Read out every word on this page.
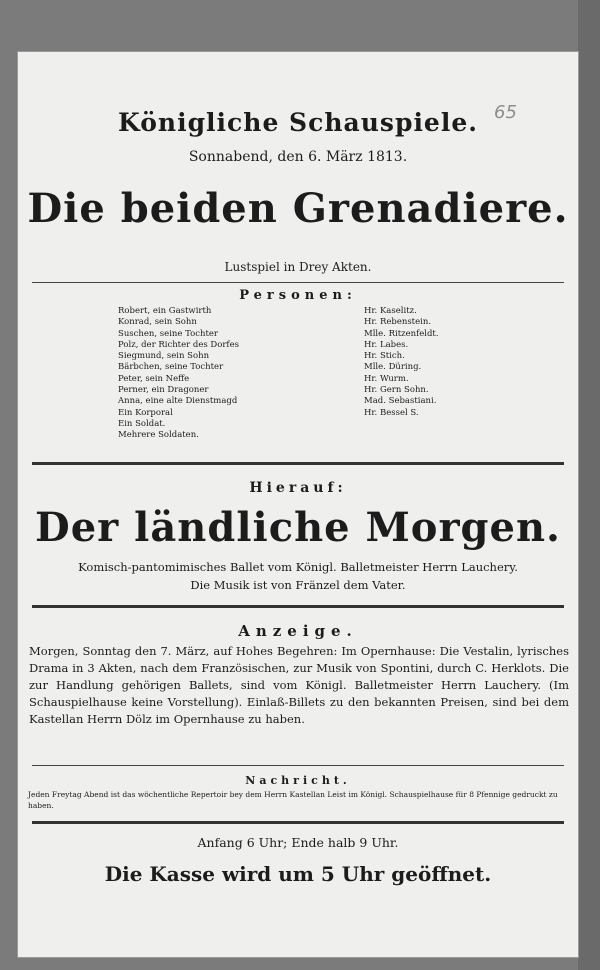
Königliche Schauspiele. 65
Sonnabend, den 6. März 1813.
Die beiden Grenadiere.
Lustspiel in Drey Akten.
Personen:
Robert, ein Gastwirth
Konrad, sein Sohn
Suschen, seine Tochter
Polz, der Richter des Dorfes
Siegmund, sein Sohn
Bärbchen, seine Tochter
Peter, sein Neffe
Perner, ein Dragoner
Anna, eine alte Dienstmagd
Ein Korporal
Ein Soldat.
Mehrere Soldaten.
Hr. Kaselitz.
Hr. Rebenstein.
Mlle. Ritzenfeldt.
Hr. Labes.
Hr. Stich.
Mlle. Düring.
Hr. Wurm.
Hr. Gern Sohn.
Mad. Sebastiani.
Hr. Bessel S.
Hierauf:
Der ländliche Morgen.
Komisch-pantomimisches Ballet vom Königl. Balletmeister Herrn Lauchery.
Die Musik ist von Fränzel dem Vater.
Anzeige.
Morgen, Sonntag den 7. März, auf Hohes Begehren: Im Opernhause: Die Vestalin, lyrisches Drama in 3 Akten, nach dem Französischen, zur Musik von Spontini, durch C. Herklots. Die zur Handlung gehörigen Ballets, sind vom Königl. Balletmeister Herrn Lauchery. (Im Schauspielhause keine Vorstellung). Einlaß-Billets zu den bekannten Preisen, sind bei dem Kastellan Herrn Dölz im Opernhause zu haben.
Nachricht.
Jeden Freytag Abend ist das wöchentliche Repertoir bey dem Herrn Kastellan Leist im Königl. Schauspielhause für 8 Pfennige gedruckt zu haben.
Anfang 6 Uhr; Ende halb 9 Uhr.
Die Kasse wird um 5 Uhr geöffnet.
